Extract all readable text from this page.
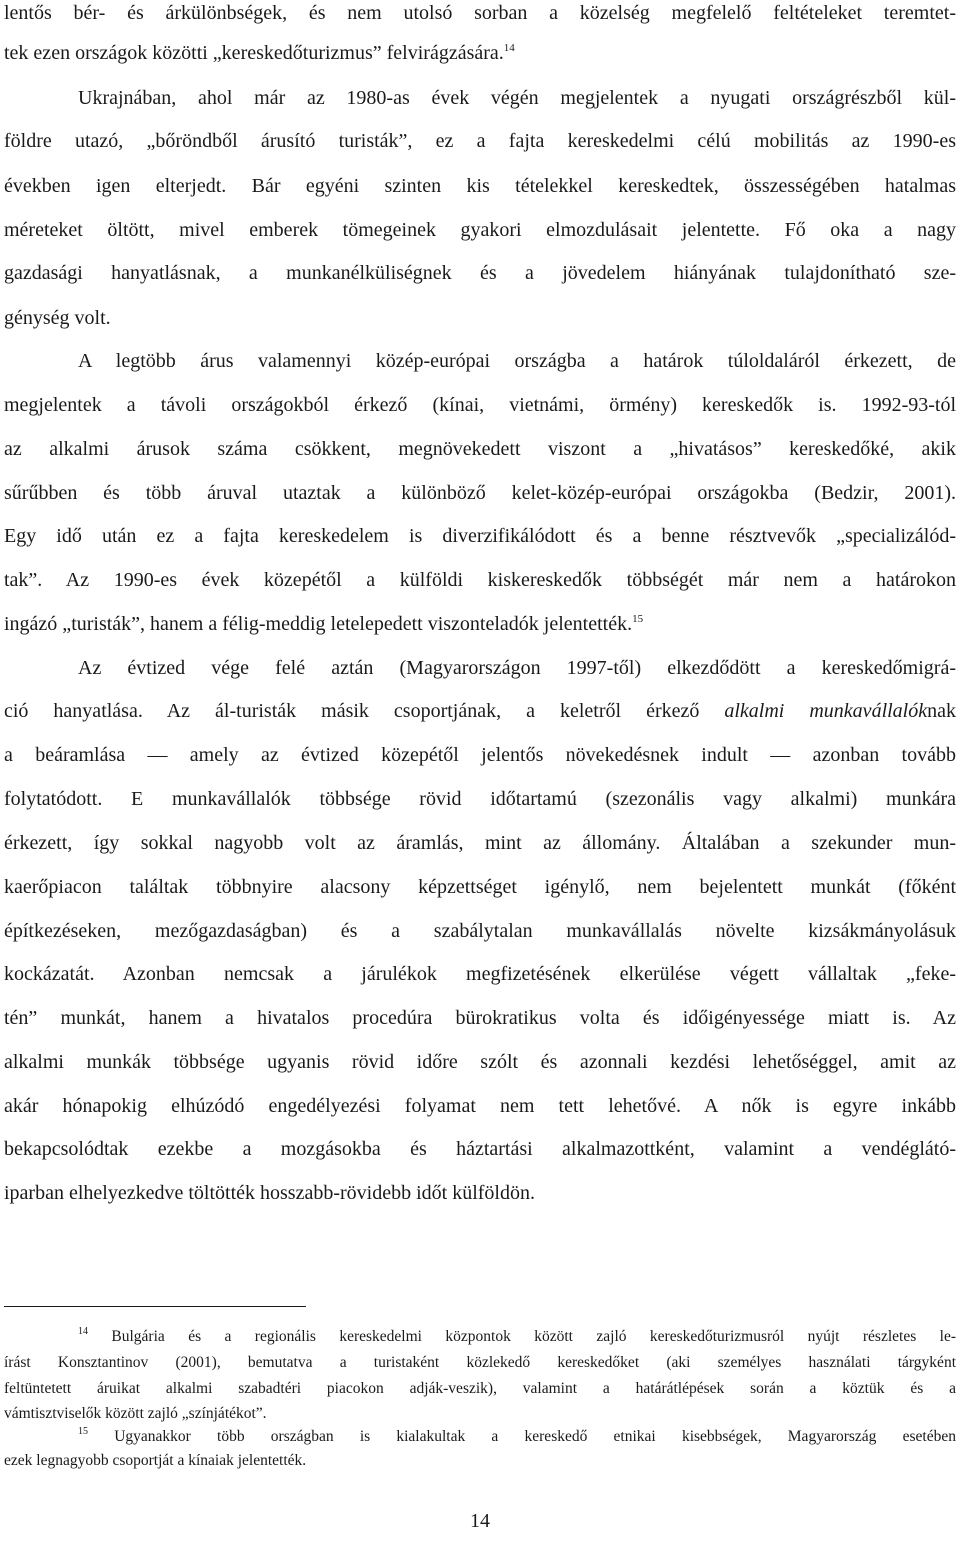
lentős bér- és árkülönbségek, és nem utolsó sorban a közelség megfelelő feltételeket teremtet-
tek ezen országok közötti „kereskedőturizmus” felvirágzására.$^{14}$
Ukrajnában, ahol már az 1980-as évek végén megjelentek a nyugati országrészből kül-
földre utazó, „bőröndből árusító turisták”, ez a fajta kereskedelmi célú mobilitás az 1990-es
években igen elterjedt. Bár egyéni szinten kis tételekkel kereskedtek, összességében hatalmas
méreteket öltött, mivel emberek tömegeinek gyakori elmozdulásait jelentette. Fő oka a nagy
gazdasági hanyatlásnak, a munkanélküliségnek és a jövedelem hiányának tulajdonítható sze-
génység volt.
A legtöbb árus valamennyi közép-európai országba a határok túloldaláról érkezett, de
megjelentek a távoli országokból érkező (kínai, vietnámi, örmény) kereskedők is. 1992-93-tól
az alkalmi árusok száma csökkent, megnövekedett viszont a „hivatásos” kereskedőké, akik
sűrűbben és több áruval utaztak a különböző kelet-közép-európai országokba (Bedzir, 2001).
Egy idő után ez a fajta kereskedelem is diverzifikálódott és a benne résztvevők „specializálód-
tak”. Az 1990-es évek közepétől a külföldi kiskereskedők többségét már nem a határokon
ingázó „turisták”, hanem a félig-meddig letelepedett viszonteladók jelentették.$^{15}$
Az évtized vége felé aztán (Magyarországon 1997-től) elkezdődött a kereskedőmigrá-
ció hanyatlása. Az ál-turisták másik csoportjának, a keletről érkező alkalmi munkavállalóknak
a beáramlása — amely az évtized közepétől jelentős növekedésnek indult — azonban tovább
folytatódott. E munkavállalók többsége rövid időtartamú (szezonális vagy alkalmi) munkára
érkezett, így sokkal nagyobb volt az áramlás, mint az állomány. Általában a szekunder mun-
kaerőpiacon találtak többnyire alacsony képzettséget igénylő, nem bejelentett munkát (főként
építkezéseken, mezőgazdaságban) és a szabálytalan munkavállalás növelte kizsákmányolásuk
kockázatát. Azonban nemcsak a járulékok megfizetésének elkerülése végett vállaltak „feke-
tén” munkát, hanem a hivatalos procedúra bürokratikus volta és időigényessége miatt is. Az
alkalmi munkák többsége ugyanis rövid időre szólt és azonnali kezdési lehetőséggel, amit az
akár hónapokig elhúzódó engedélyezési folyamat nem tett lehetővé. A nők is egyre inkább
bekapcsolódtak ezekbe a mozgásokba és háztartási alkalmazottként, valamint a vendéglátó-
iparban elhelyezkedve töltötték hosszabb-rövidebb időt külföldön.
$^{14}$ Bulgária és a regionális kereskedelmi központok között zajló kereskedőturizmusról nyújt részletes le-
írást Konsztantinov (2001), bemutatva a turistaként közlekedő kereskedőket (aki személyes használati tárgyként
feltüntetett áruikat alkalmi szabadtéri piacokon adják-veszik), valamint a határátlépések során a köztük és a
vámtisztviselők között zajló „színjátékot”.
$^{15}$ Ugyanakkor több országban is kialakultak a kereskedő etnikai kisebbségek, Magyarország esetében
ezek legnagyobb csoportját a kínaiak jelentették.
14
